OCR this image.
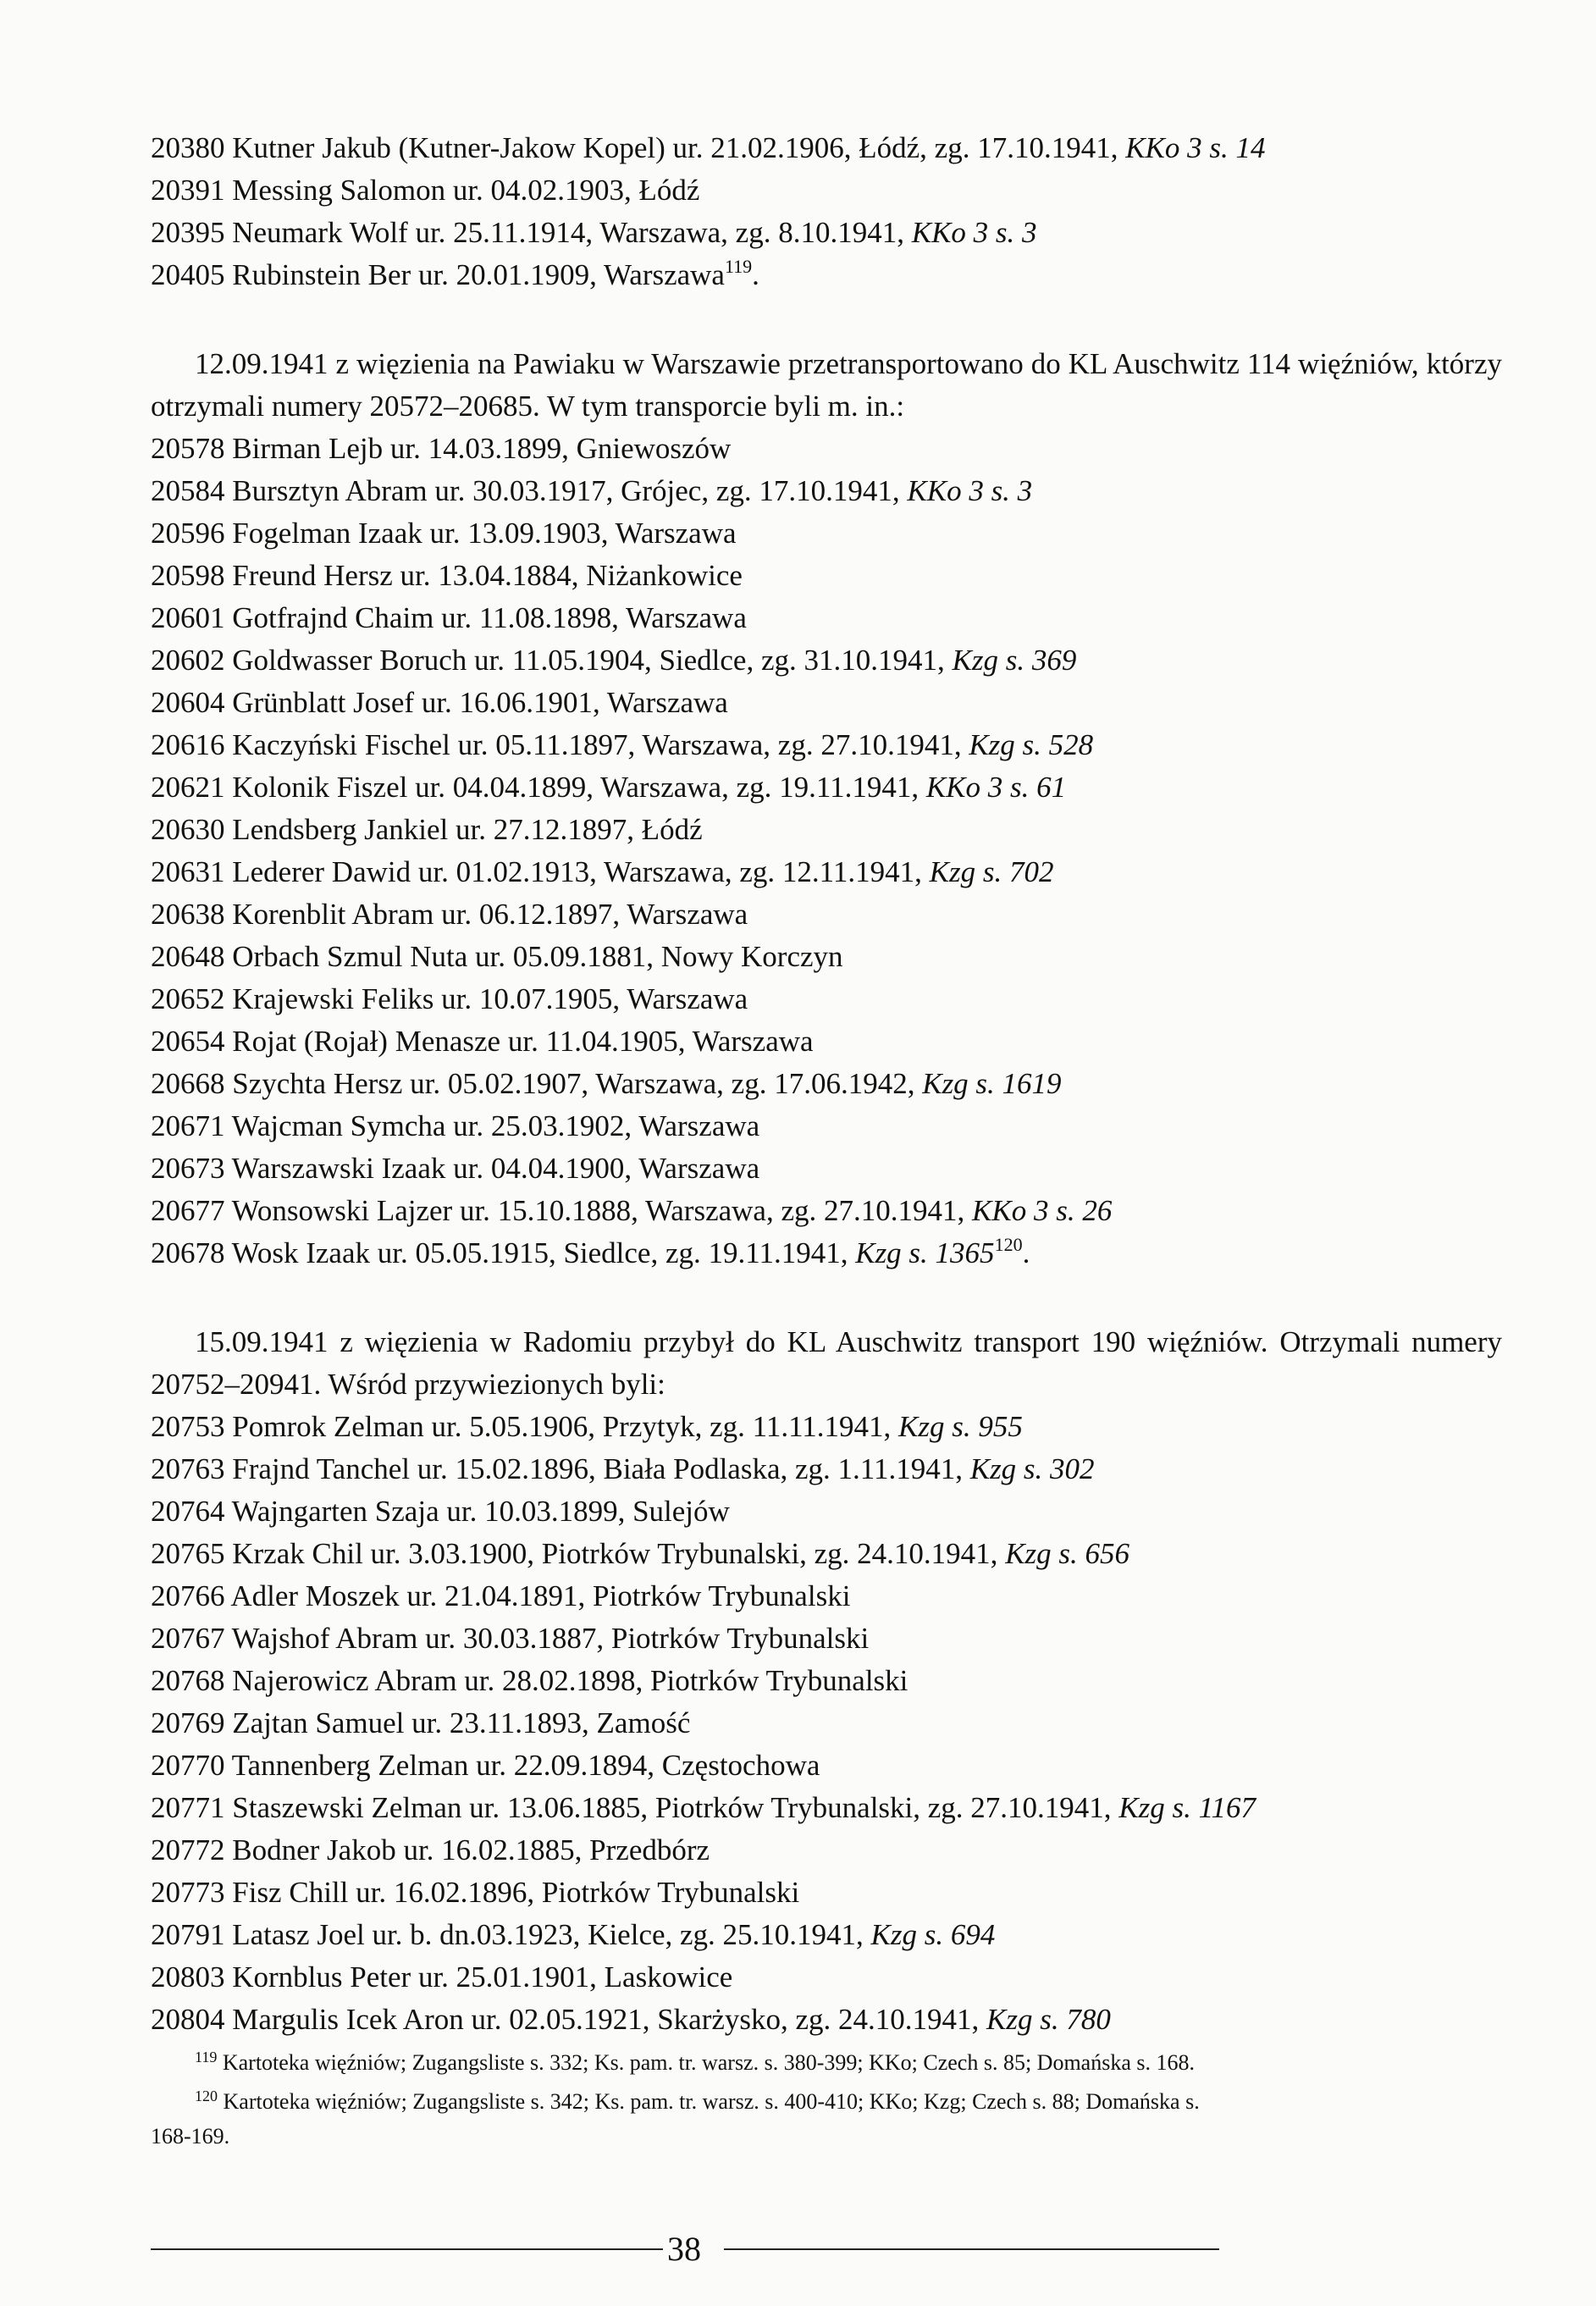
20380 Kutner Jakub (Kutner-Jakow Kopel) ur. 21.02.1906, Łódź, zg. 17.10.1941, KKo 3 s. 14
20391 Messing Salomon ur. 04.02.1903, Łódź
20395 Neumark Wolf ur. 25.11.1914, Warszawa, zg. 8.10.1941, KKo 3 s. 3
20405 Rubinstein Ber ur. 20.01.1909, Warszawa$^{119}$.
12.09.1941 z więzienia na Pawiaku w Warszawie przetransportowano do KL Auschwitz 114 więźniów, którzy otrzymali numery 20572–20685. W tym transporcie byli m. in.:
20578 Birman Lejb ur. 14.03.1899, Gniewoszów
20584 Bursztyn Abram ur. 30.03.1917, Grójec, zg. 17.10.1941, KKo 3 s. 3
20596 Fogelman Izaak ur. 13.09.1903, Warszawa
20598 Freund Hersz ur. 13.04.1884, Niżankowice
20601 Gotfrajnd Chaim ur. 11.08.1898, Warszawa
20602 Goldwasser Boruch ur. 11.05.1904, Siedlce, zg. 31.10.1941, Kzg s. 369
20604 Grünblatt Josef ur. 16.06.1901, Warszawa
20616 Kaczyński Fischel ur. 05.11.1897, Warszawa, zg. 27.10.1941, Kzg s. 528
20621 Kolonik Fiszel ur. 04.04.1899, Warszawa, zg. 19.11.1941, KKo 3 s. 61
20630 Lendsberg Jankiel ur. 27.12.1897, Łódź
20631 Lederer Dawid ur. 01.02.1913, Warszawa, zg. 12.11.1941, Kzg s. 702
20638 Korenblit Abram ur. 06.12.1897, Warszawa
20648 Orbach Szmul Nuta ur. 05.09.1881, Nowy Korczyn
20652 Krajewski Feliks ur. 10.07.1905, Warszawa
20654 Rojat (Rojał) Menasze ur. 11.04.1905, Warszawa
20668 Szychta Hersz ur. 05.02.1907, Warszawa, zg. 17.06.1942, Kzg s. 1619
20671 Wajcman Symcha ur. 25.03.1902, Warszawa
20673 Warszawski Izaak ur. 04.04.1900, Warszawa
20677 Wonsowski Lajzer ur. 15.10.1888, Warszawa, zg. 27.10.1941, KKo 3 s. 26
20678 Wosk Izaak ur. 05.05.1915, Siedlce, zg. 19.11.1941, Kzg s. 1365$^{120}$.
15.09.1941 z więzienia w Radomiu przybył do KL Auschwitz transport 190 więźniów. Otrzymali numery 20752–20941. Wśród przywiezionych byli:
20753 Pomrok Zelman ur. 5.05.1906, Przytyk, zg. 11.11.1941, Kzg s. 955
20763 Frajnd Tanchel ur. 15.02.1896, Biała Podlaska, zg. 1.11.1941, Kzg s. 302
20764 Wajngarten Szaja ur. 10.03.1899, Sulejów
20765 Krzak Chil ur. 3.03.1900, Piotrków Trybunalski, zg. 24.10.1941, Kzg s. 656
20766 Adler Moszek ur. 21.04.1891, Piotrków Trybunalski
20767 Wajshof Abram ur. 30.03.1887, Piotrków Trybunalski
20768 Najerowicz Abram ur. 28.02.1898, Piotrków Trybunalski
20769 Zajtan Samuel ur. 23.11.1893, Zamość
20770 Tannenberg Zelman ur. 22.09.1894, Częstochowa
20771 Staszewski Zelman ur. 13.06.1885, Piotrków Trybunalski, zg. 27.10.1941, Kzg s. 1167
20772 Bodner Jakob ur. 16.02.1885, Przedbórz
20773 Fisz Chill ur. 16.02.1896, Piotrków Trybunalski
20791 Latasz Joel ur. b. dn.03.1923, Kielce, zg. 25.10.1941, Kzg s. 694
20803 Kornblus Peter ur. 25.01.1901, Laskowice
20804 Margulis Icek Aron ur. 02.05.1921, Skarżysko, zg. 24.10.1941, Kzg s. 780
$^{119}$ Kartoteka więźniów; Zugangsliste s. 332; Ks. pam. tr. warsz. s. 380-399; KKo; Czech s. 85; Domańska s. 168.
$^{120}$ Kartoteka więźniów; Zugangsliste s. 342; Ks. pam. tr. warsz. s. 400-410; KKo; Kzg; Czech s. 88; Domańska s.
168-169.
38
